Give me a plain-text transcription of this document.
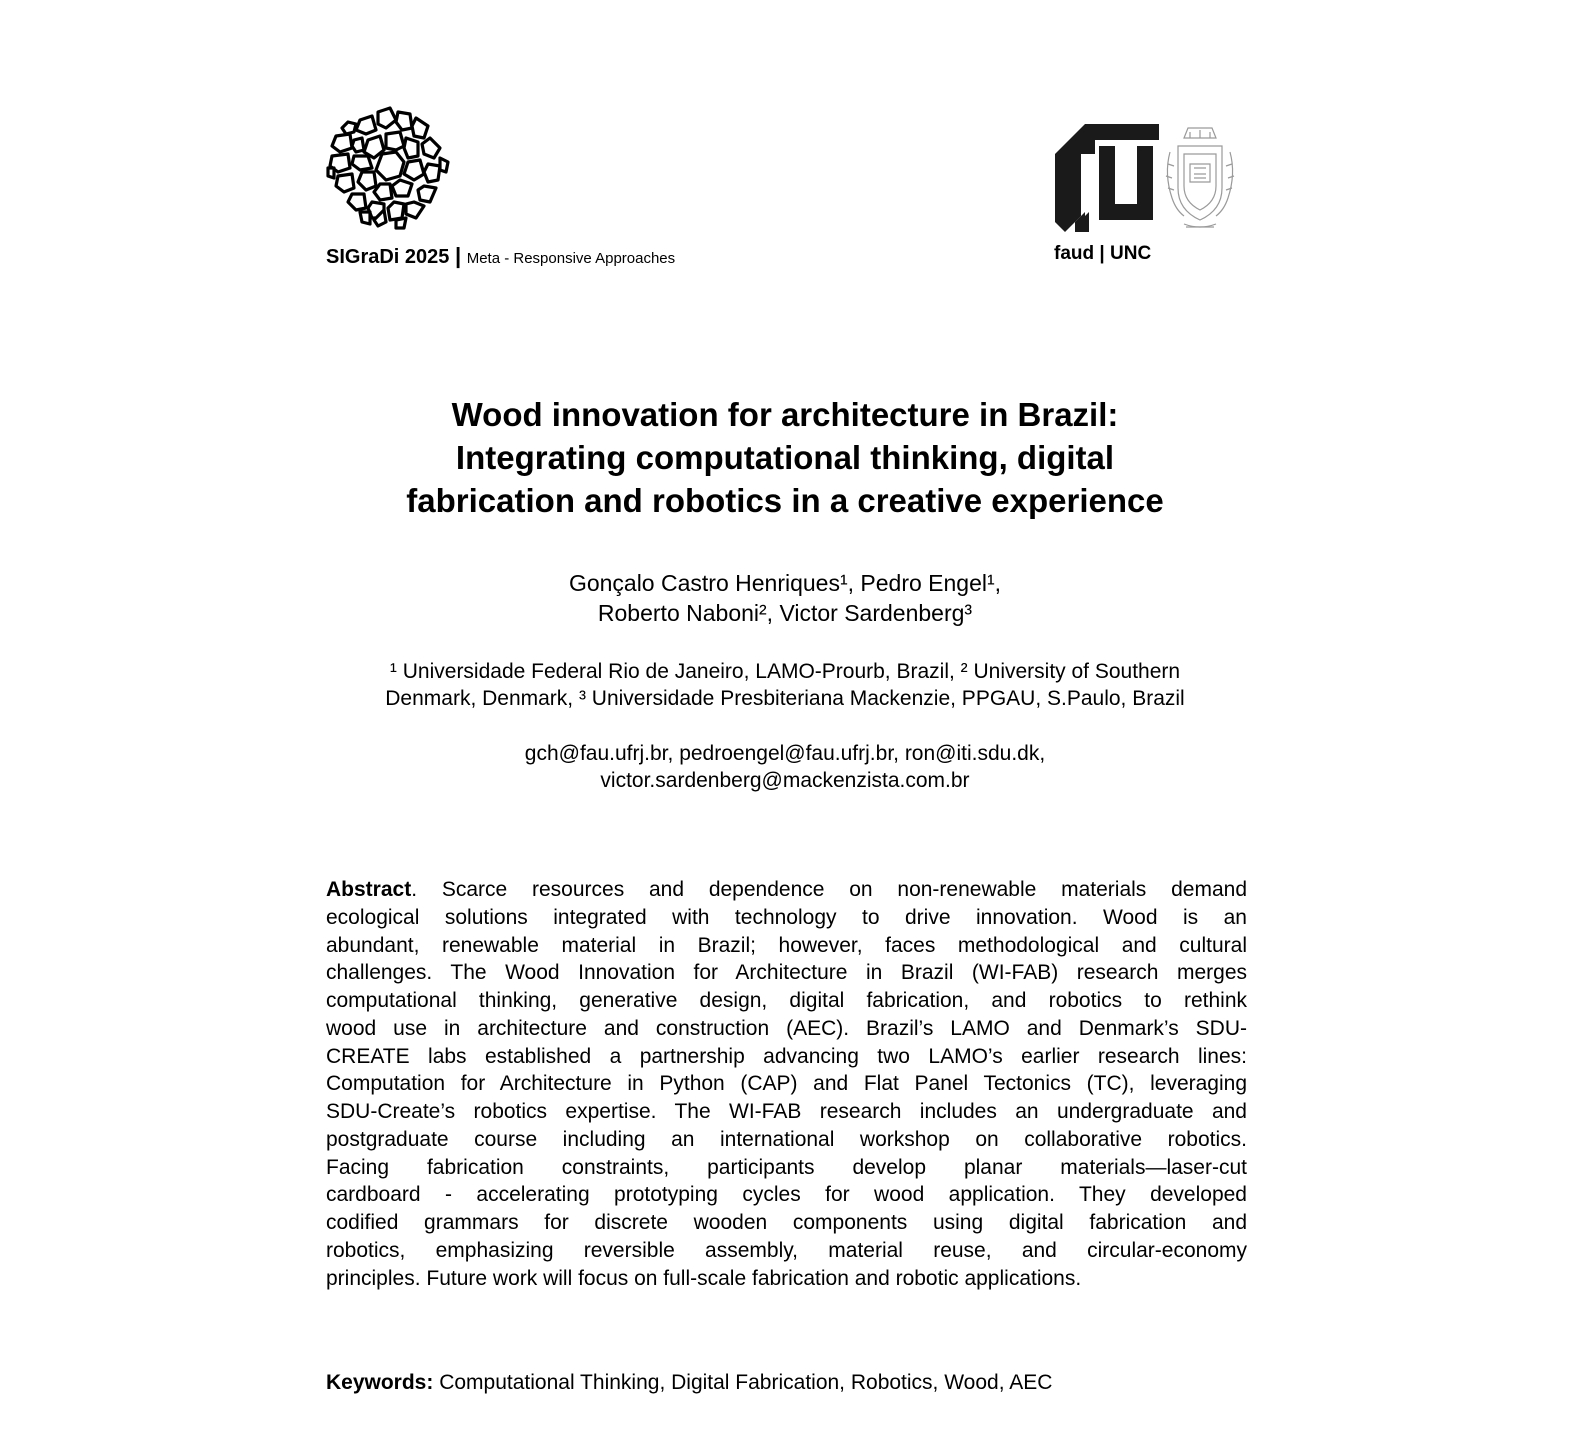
SIGraDi 2025 | Meta - Responsive Approaches	faud | UNC
Wood innovation for architecture in Brazil:
Integrating computational thinking, digital
fabrication and robotics in a creative experience
Gonçalo Castro Henriques¹, Pedro Engel¹,
Roberto Naboni², Victor Sardenberg³
¹ Universidade Federal Rio de Janeiro, LAMO-Prourb, Brazil, ² University of Southern
Denmark, Denmark, ³ Universidade Presbiteriana Mackenzie, PPGAU, S.Paulo, Brazil
gch@fau.ufrj.br, pedroengel@fau.ufrj.br, ron@iti.sdu.dk,
victor.sardenberg@mackenzista.com.br
Abstract. Scarce resources and dependence on non-renewable materials demand
ecological solutions integrated with technology to drive innovation. Wood is an
abundant, renewable material in Brazil; however, faces methodological and cultural
challenges. The Wood Innovation for Architecture in Brazil (WI-FAB) research merges
computational thinking, generative design, digital fabrication, and robotics to rethink
wood use in architecture and construction (AEC). Brazil’s LAMO and Denmark’s SDU-
CREATE labs established a partnership advancing two LAMO’s earlier research lines:
Computation for Architecture in Python (CAP) and Flat Panel Tectonics (TC), leveraging
SDU-Create’s robotics expertise. The WI-FAB research includes an undergraduate and
postgraduate course including an international workshop on collaborative robotics.
Facing fabrication constraints, participants develop planar materials—laser-cut
cardboard - accelerating prototyping cycles for wood application. They developed
codified grammars for discrete wooden components using digital fabrication and
robotics, emphasizing reversible assembly, material reuse, and circular-economy
principles. Future work will focus on full-scale fabrication and robotic applications.
Keywords: Computational Thinking, Digital Fabrication, Robotics, Wood, AEC
